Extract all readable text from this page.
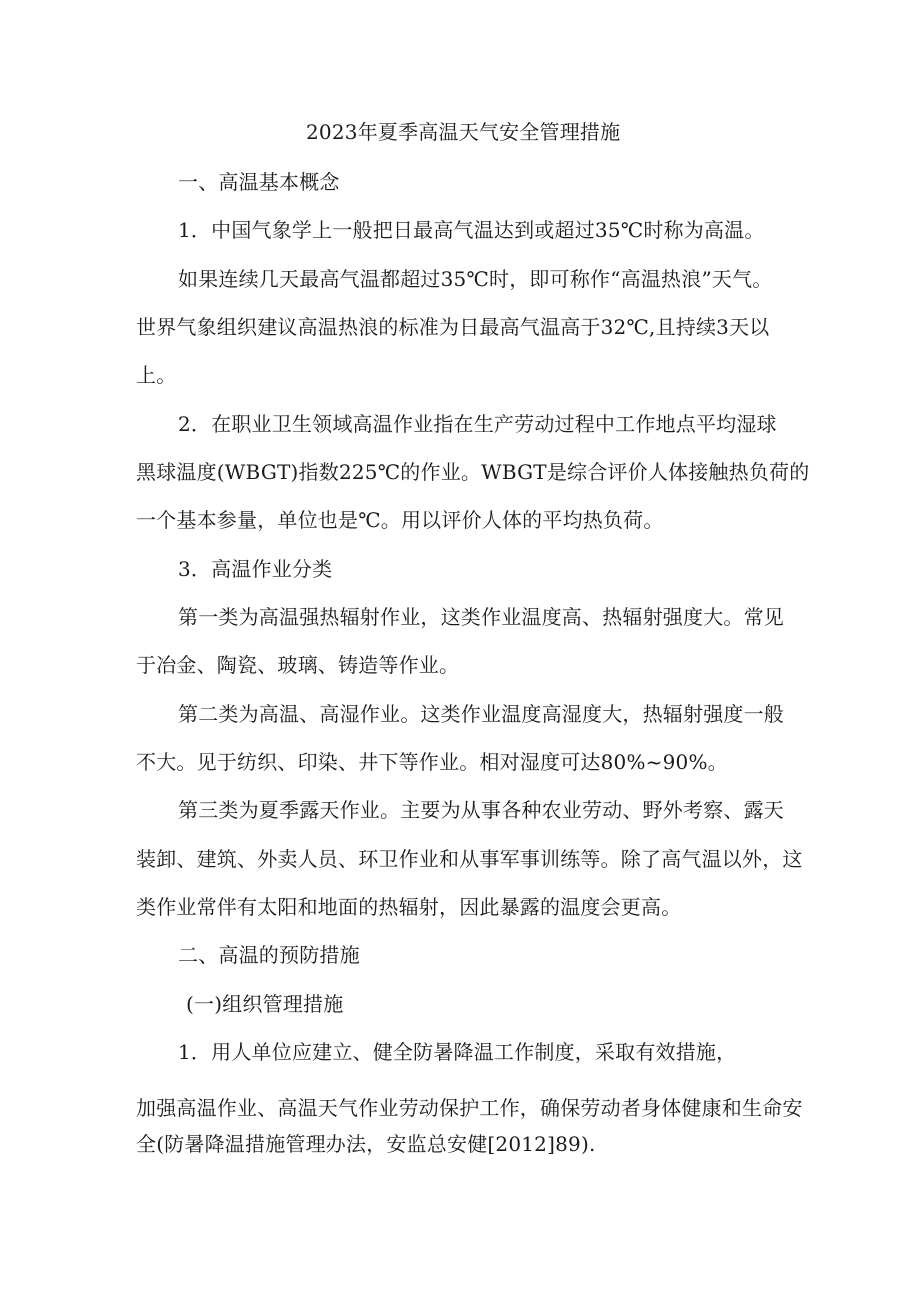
2023年夏季高温天气安全管理措施
一、高温基本概念
1．中国气象学上一般把日最高气温达到或超过35℃时称为高温。
如果连续几天最高气温都超过35℃时，即可称作“高温热浪”天气。
世界气象组织建议高温热浪的标准为日最高气温高于32℃,且持续3天以
上。
2．在职业卫生领域高温作业指在生产劳动过程中工作地点平均湿球
黑球温度(WBGT)指数225℃的作业。WBGT是综合评价人体接触热负荷的
一个基本参量，单位也是℃。用以评价人体的平均热负荷。
3．高温作业分类
第一类为高温强热辐射作业，这类作业温度高、热辐射强度大。常见
于冶金、陶瓷、玻璃、铸造等作业。
第二类为高温、高湿作业。这类作业温度高湿度大，热辐射强度一般
不大。见于纺织、印染、井下等作业。相对湿度可达80%~90%。
第三类为夏季露天作业。主要为从事各种农业劳动、野外考察、露天
装卸、建筑、外卖人员、环卫作业和从事军事训练等。除了高气温以外，这
类作业常伴有太阳和地面的热辐射，因此暴露的温度会更高。
二、高温的预防措施
(一)组织管理措施
1．用人单位应建立、健全防暑降温工作制度，采取有效措施，
加强高温作业、高温天气作业劳动保护工作，确保劳动者身体健康和生命安
全(防暑降温措施管理办法，安监总安健[2012]89).
